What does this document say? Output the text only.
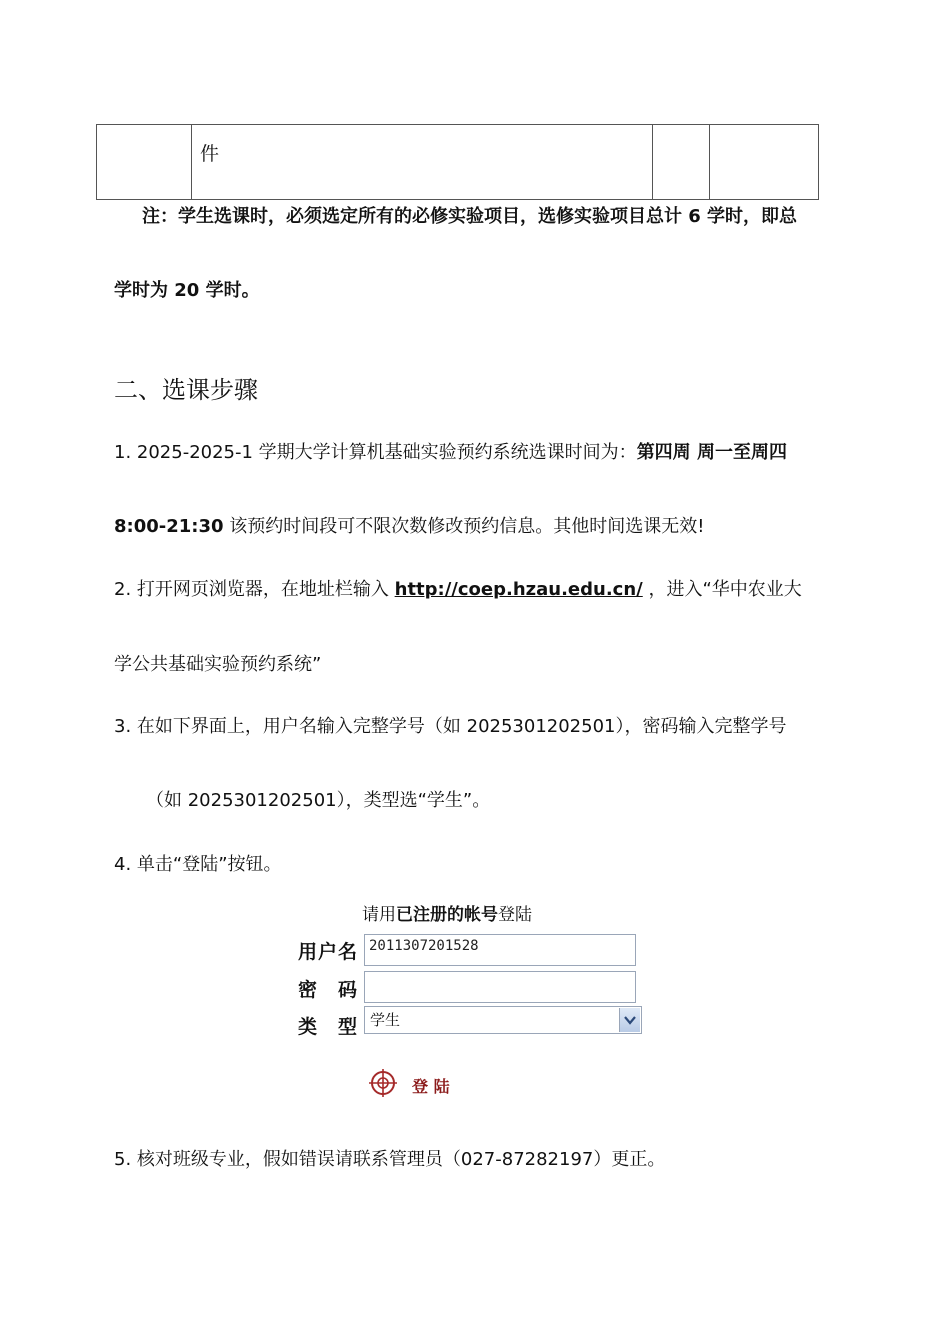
	件		
注：学生选课时，必须选定所有的必修实验项目，选修实验项目总计 6 学时，即总
学时为 20 学时。
二、选课步骤
1. 2025-2025-1 学期大学计算机基础实验预约系统选课时间为：第四周 周一至周四
8:00-21:30 该预约时间段可不限次数修改预约信息。其他时间选课无效!
2. 打开网页浏览器，在地址栏输入 http://coep.hzau.edu.cn/ ，进入“华中农业大
学公共基础实验预约系统”
3. 在如下界面上，用户名输入完整学号（如 2025301202501），密码输入完整学号
（如 2025301202501），类型选“学生”。
4. 单击“登陆”按钮。
请用已注册的帐号登陆
用户名 2011307201528
密　码
类　型 学生
登 陆
5. 核对班级专业，假如错误请联系管理员（027-87282197）更正。
